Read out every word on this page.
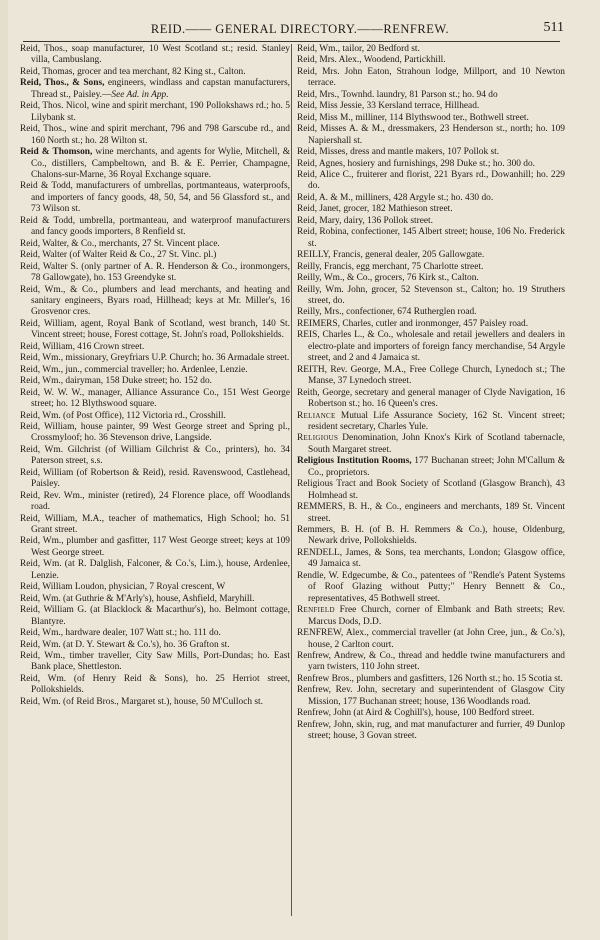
REID.—— GENERAL DIRECTORY.——RENFREW.	511

Reid, Thos., soap manufacturer, 10 West Scotland st.; resid. Stanley villa, Cambuslang.

Reid, Thomas, grocer and tea merchant, 82 King st., Calton.

Reid, Thos., & Sons, engineers, windlass and capstan manufacturers, Thread st., Paisley.—See Ad. in App.

Reid, Thos. Nicol, wine and spirit merchant, 190 Pollokshaws rd.; ho. 5 Lilybank st.

Reid, Thos., wine and spirit merchant, 796 and 798 Garscube rd., and 160 North st.; ho. 28 Wilton st.

Reid & Thomson, wine merchants, and agents for Wylie, Mitchell, & Co., distillers, Campbeltown, and B. & E. Perrier, Champagne, Chalons-sur-Marne, 36 Royal Exchange square.

Reid & Todd, manufacturers of umbrellas, portmanteaus, waterproofs, and importers of fancy goods, 48, 50, 54, and 56 Glassford st., and 73 Wilson st.

Reid & Todd, umbrella, portmanteau, and waterproof manufacturers and fancy goods importers, 8 Renfield st.

Reid, Walter, & Co., merchants, 27 St. Vincent place.

Reid, Walter (of Walter Reid & Co., 27 St. Vinc. pl.)

Reid, Walter S. (only partner of A. R. Henderson & Co., ironmongers, 78 Gallowgate), ho. 153 Greendyke st.

Reid, Wm., & Co., plumbers and lead merchants, and heating and sanitary engineers, Byars road, Hillhead; keys at Mr. Miller's, 16 Grosvenor cres.

Reid, William, agent, Royal Bank of Scotland, west branch, 140 St. Vincent street; house, Forest cottage, St. John's road, Pollokshields.

Reid, William, 416 Crown street.

Reid, Wm., missionary, Greyfriars U.P. Church; ho. 36 Armadale street.

Reid, Wm., jun., commercial traveller; ho. Ardenlee, Lenzie.

Reid, Wm., dairyman, 158 Duke street; ho. 152 do.

Reid, W. W. W., manager, Alliance Assurance Co., 151 West George street; ho. 12 Blythswood square.

Reid, Wm. (of Post Office), 112 Victoria rd., Crosshill.

Reid, William, house painter, 99 West George street and Spring pl., Crossmyloof; ho. 36 Stevenson drive, Langside.

Reid, Wm. Gilchrist (of William Gilchrist & Co., printers), ho. 34 Paterson street, s.s.

Reid, William (of Robertson & Reid), resid. Ravenswood, Castlehead, Paisley.

Reid, Rev. Wm., minister (retired), 24 Florence place, off Woodlands road.

Reid, William, M.A., teacher of mathematics, High School; ho. 51 Grant street.

Reid, Wm., plumber and gasfitter, 117 West George street; keys at 109 West George street.

Reid, Wm. (at R. Dalglish, Falconer, & Co.'s, Lim.), house, Ardenlee, Lenzie.

Reid, William Loudon, physician, 7 Royal crescent, W

Reid, Wm. (at Guthrie & M'Arly's), house, Ashfield, Maryhill.

Reid, William G. (at Blacklock & Macarthur's), ho. Belmont cottage, Blantyre.

Reid, Wm., hardware dealer, 107 Watt st.; ho. 111 do.

Reid, Wm. (at D. Y. Stewart & Co.'s), ho. 36 Grafton st.

Reid, Wm., timber traveller, City Saw Mills, Port-Dundas; ho. East Bank place, Shettleston.

Reid, Wm. (of Henry Reid & Sons), ho. 25 Herriot street, Pollokshields.

Reid, Wm. (of Reid Bros., Margaret st.), house, 50 M'Culloch st.

Reid, Wm., tailor, 20 Bedford st.

Reid, Mrs. Alex., Woodend, Partickhill.

Reid, Mrs. John Eaton, Strahoun lodge, Millport, and 10 Newton terrace.

Reid, Mrs., Townhd. laundry, 81 Parson st.; ho. 94 do

Reid, Miss Jessie, 33 Kersland terrace, Hillhead.

Reid, Miss M., milliner, 114 Blythswood ter., Bothwell street.

Reid, Misses A. & M., dressmakers, 23 Henderson st., north; ho. 109 Napiershall st.

Reid, Misses, dress and mantle makers, 107 Pollok st.

Reid, Agnes, hosiery and furnishings, 298 Duke st.; ho. 300 do.

Reid, Alice C., fruiterer and florist, 221 Byars rd., Dowanhill; ho. 229 do.

Reid, A. & M., milliners, 428 Argyle st.; ho. 430 do.

Reid, Janet, grocer, 182 Mathieson street.

Reid, Mary, dairy, 136 Pollok street.

Reid, Robina, confectioner, 145 Albert street; house, 106 No. Frederick st.

REILLY, Francis, general dealer, 205 Gallowgate.

Reilly, Francis, egg merchant, 75 Charlotte street.

Reilly, Wm., & Co., grocers, 76 Kirk st., Calton.

Reilly, Wm. John, grocer, 52 Stevenson st., Calton; ho. 19 Struthers street, do.

Reilly, Mrs., confectioner, 674 Rutherglen road.

REIMERS, Charles, cutler and ironmonger, 457 Paisley road.

REIS, Charles L., & Co., wholesale and retail jewellers and dealers in electro-plate and importers of foreign fancy merchandise, 54 Argyle street, and 2 and 4 Jamaica st.

REITH, Rev. George, M.A., Free College Church, Lynedoch st.; The Manse, 37 Lynedoch street.

Reith, George, secretary and general manager of Clyde Navigation, 16 Robertson st.; ho. 16 Queen's cres.

Reliance Mutual Life Assurance Society, 162 St. Vincent street; resident secretary, Charles Yule.

Religious Denomination, John Knox's Kirk of Scotland tabernacle, South Margaret street.

Religious Institution Rooms, 177 Buchanan street; John M'Callum & Co., proprietors.

Religious Tract and Book Society of Scotland (Glasgow Branch), 43 Holmhead st.

REMMERS, B. H., & Co., engineers and merchants, 189 St. Vincent street.

Remmers, B. H. (of B. H. Remmers & Co.), house, Oldenburg, Newark drive, Pollokshields.

RENDELL, James, & Sons, tea merchants, London; Glasgow office, 49 Jamaica st.

Rendle, W. Edgecumbe, & Co., patentees of "Rendle's Patent Systems of Roof Glazing without Putty;" Henry Bennett & Co., representatives, 45 Bothwell street.

Renfield Free Church, corner of Elmbank and Bath streets; Rev. Marcus Dods, D.D.

RENFREW, Alex., commercial traveller (at John Cree, jun., & Co.'s), house, 2 Carlton court.

Renfrew, Andrew, & Co., thread and heddle twine manufacturers and yarn twisters, 110 John street.

Renfrew Bros., plumbers and gasfitters, 126 North st.; ho. 15 Scotia st.

Renfrew, Rev. John, secretary and superintendent of Glasgow City Mission, 177 Buchanan street; house, 136 Woodlands road.

Renfrew, John (at Aird & Coghill's), house, 100 Bedford street.

Renfrew, John, skin, rug, and mat manufacturer and furrier, 49 Dunlop street; house, 3 Govan street.
